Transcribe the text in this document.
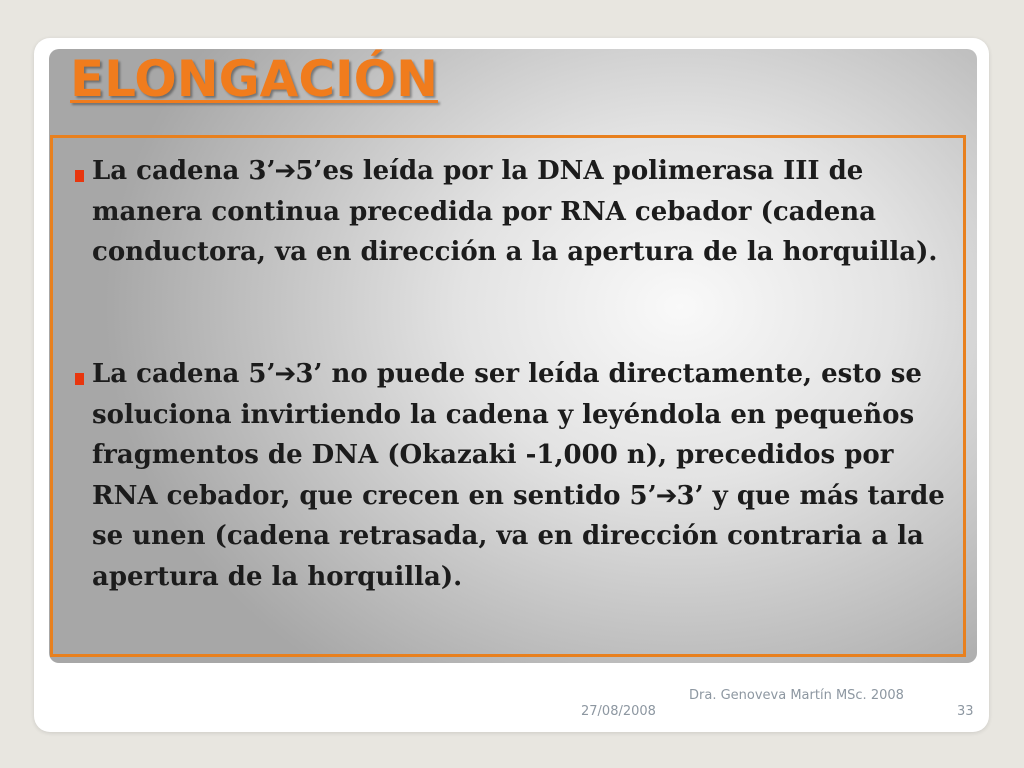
ELONGACIÓN

La cadena 3’➔5’es leída por la DNA polimerasa III de manera continua precedida por RNA cebador (cadena conductora, va en dirección a la apertura de la horquilla).

La cadena 5’➔3’ no puede ser leída directamente, esto se soluciona invirtiendo la cadena y leyéndola en pequeños fragmentos de DNA (Okazaki -1,000 n), precedidos por RNA cebador, que crecen en sentido 5’➔3’ y que más tarde se unen (cadena retrasada, va en dirección contraria a la apertura de la horquilla).

27/08/2008
Dra. Genoveva Martín MSc. 2008
33
